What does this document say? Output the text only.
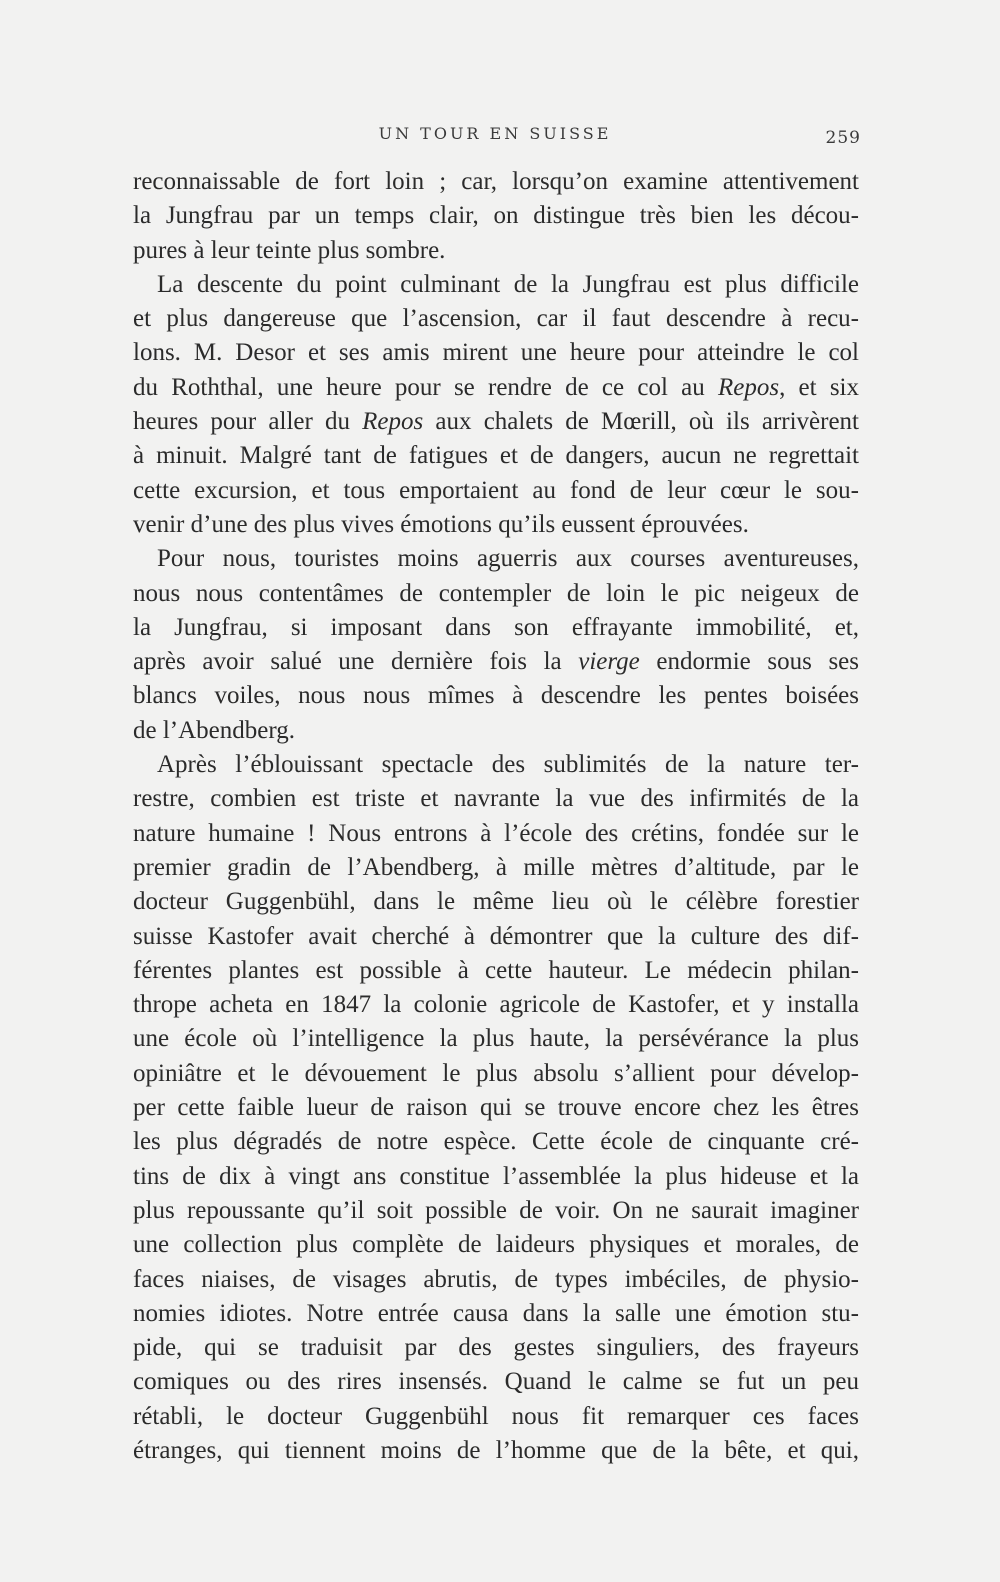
UN TOUR EN SUISSE	259

reconnaissable de fort loin ; car, lorsqu’on examine attentivement
la Jungfrau par un temps clair, on distingue très bien les décou-
pures à leur teinte plus sombre.

La descente du point culminant de la Jungfrau est plus difficile
et plus dangereuse que l’ascension, car il faut descendre à recu-
lons. M. Desor et ses amis mirent une heure pour atteindre le col
du Roththal, une heure pour se rendre de ce col au Repos, et six
heures pour aller du Repos aux chalets de Mœrill, où ils arrivèrent
à minuit. Malgré tant de fatigues et de dangers, aucun ne regrettait
cette excursion, et tous emportaient au fond de leur cœur le sou-
venir d’une des plus vives émotions qu’ils eussent éprouvées.

Pour nous, touristes moins aguerris aux courses aventureuses,
nous nous contentâmes de contempler de loin le pic neigeux de
la Jungfrau, si imposant dans son effrayante immobilité, et,
après avoir salué une dernière fois la vierge endormie sous ses
blancs voiles, nous nous mîmes à descendre les pentes boisées
de l’Abendberg.

Après l’éblouissant spectacle des sublimités de la nature ter-
restre, combien est triste et navrante la vue des infirmités de la
nature humaine ! Nous entrons à l’école des crétins, fondée sur le
premier gradin de l’Abendberg, à mille mètres d’altitude, par le
docteur Guggenbühl, dans le même lieu où le célèbre forestier
suisse Kastofer avait cherché à démontrer que la culture des dif-
férentes plantes est possible à cette hauteur. Le médecin philan-
thrope acheta en 1847 la colonie agricole de Kastofer, et y installa
une école où l’intelligence la plus haute, la persévérance la plus
opiniâtre et le dévouement le plus absolu s’allient pour dévelop-
per cette faible lueur de raison qui se trouve encore chez les êtres
les plus dégradés de notre espèce. Cette école de cinquante cré-
tins de dix à vingt ans constitue l’assemblée la plus hideuse et la
plus repoussante qu’il soit possible de voir. On ne saurait imaginer
une collection plus complète de laideurs physiques et morales, de
faces niaises, de visages abrutis, de types imbéciles, de physio-
nomies idiotes. Notre entrée causa dans la salle une émotion stu-
pide, qui se traduisit par des gestes singuliers, des frayeurs
comiques ou des rires insensés. Quand le calme se fut un peu
rétabli, le docteur Guggenbühl nous fit remarquer ces faces
étranges, qui tiennent moins de l’homme que de la bête, et qui,
